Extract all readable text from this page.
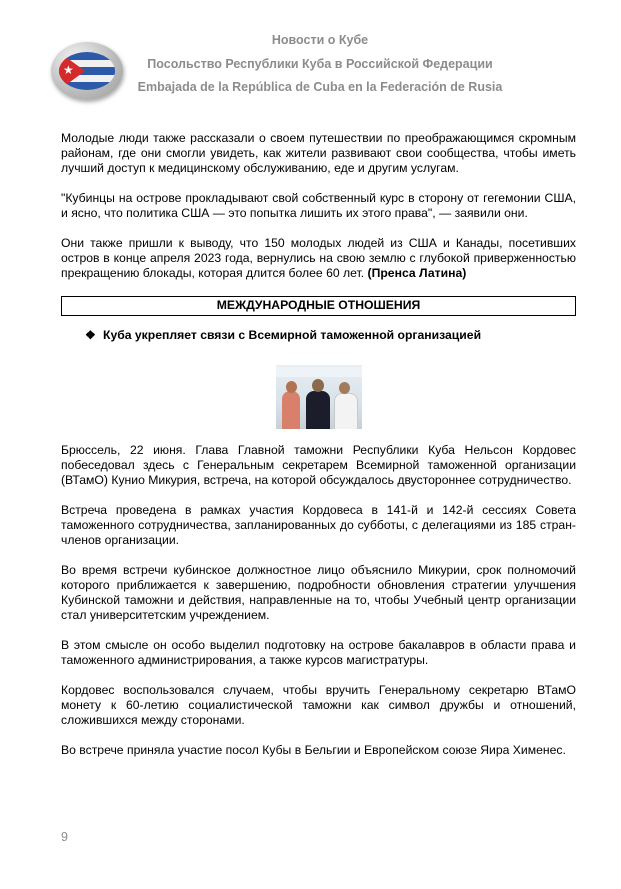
★
Новости о Кубе
Посольство Республики Куба в Российской Федерации
Embajada de la República de Cuba en la Federación de Rusia

Молодые люди также рассказали о своем путешествии по преображающимся скромным районам, где они смогли увидеть, как жители развивают свои сообщества, чтобы иметь лучший доступ к медицинскому обслуживанию, еде и другим услугам.

"Кубинцы на острове прокладывают свой собственный курс в сторону от гегемонии США, и ясно, что политика США — это попытка лишить их этого права", — заявили они.

Они также пришли к выводу, что 150 молодых людей из США и Канады, посетивших остров в конце апреля 2023 года, вернулись на свою землю с глубокой приверженностью прекращению блокады, которая длится более 60 лет. (Пренса Латина)

МЕЖДУНАРОДНЫЕ ОТНОШЕНИЯ
❖ Куба укрепляет связи с Всемирной таможенной организацией

Брюссель, 22 июня. Глава Главной таможни Республики Куба Нельсон Кордовес побеседовал здесь с Генеральным секретарем Всемирной таможенной организации (ВТамО) Кунио Микурия, встреча, на которой обсуждалось двустороннее сотрудничество.

Встреча проведена в рамках участия Кордовеса в 141-й и 142-й сессиях Совета таможенного сотрудничества, запланированных до субботы, с делегациями из 185 стран-членов организации.

Во время встречи кубинское должностное лицо объяснило Микурии, срок полномочий которого приближается к завершению, подробности обновления стратегии улучшения Кубинской таможни и действия, направленные на то, чтобы Учебный центр организации стал университетским учреждением.

В этом смысле он особо выделил подготовку на острове бакалавров в области права и таможенного администрирования, а также курсов магистратуры.

Кордовес воспользовался случаем, чтобы вручить Генеральному секретарю ВТамО монету к 60-летию социалистической таможни как символ дружбы и отношений, сложившихся между сторонами.

Во встрече приняла участие посол Кубы в Бельгии и Европейском союзе Яира Хименес.

9
